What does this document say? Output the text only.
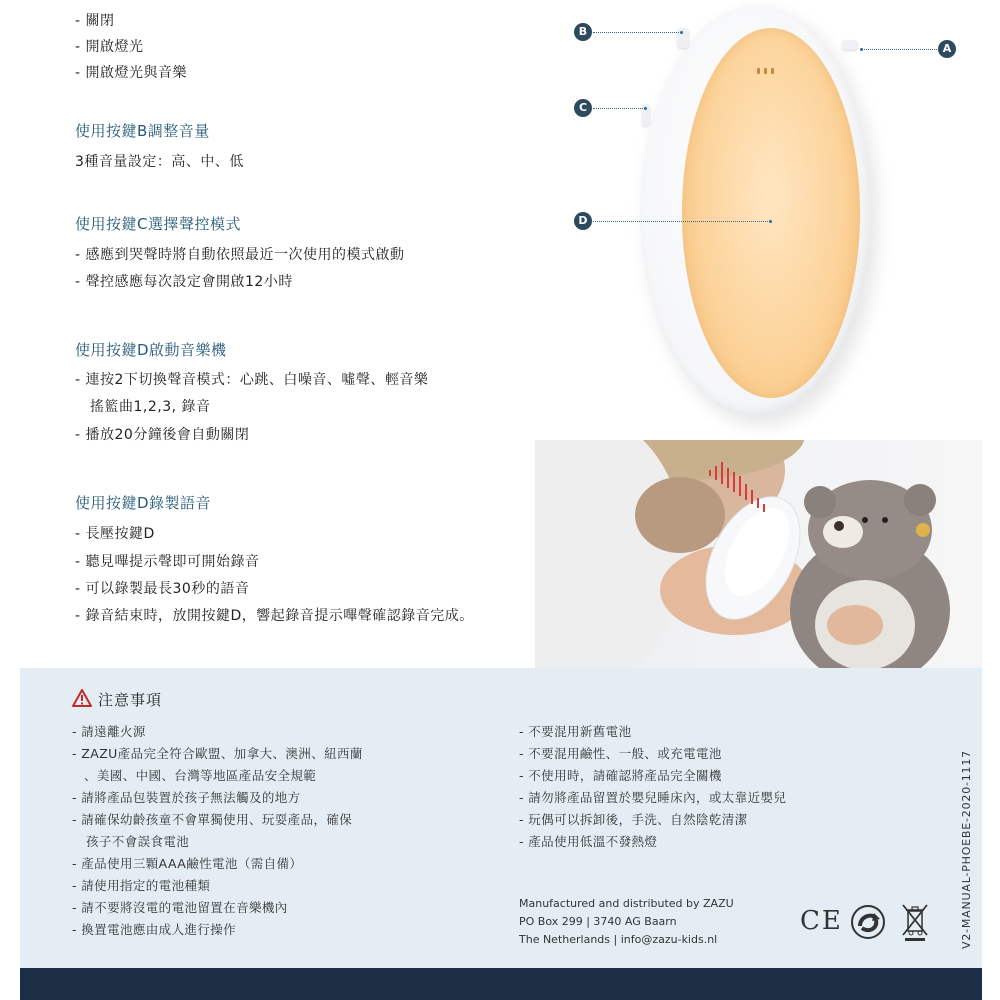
- 關閉
- 開啟燈光
- 開啟燈光與音樂
使用按鍵B調整音量
3種音量設定：高、中、低
使用按鍵C選擇聲控模式
- 感應到哭聲時將自動依照最近一次使用的模式啟動
- 聲控感應每次設定會開啟12小時
使用按鍵D啟動音樂機
- 連按2下切換聲音模式：心跳、白噪音、噓聲、輕音樂
搖籃曲1,2,3, 錄音
- 播放20分鐘後會自動關閉
使用按鍵D錄製語音
- 長壓按鍵D
- 聽見嗶提示聲即可開始錄音
- 可以錄製最長30秒的語音
- 錄音結束時，放開按鍵D，響起錄音提示嗶聲確認錄音完成。
B
A
C
D
注意事項
- 請遠離火源
- ZAZU產品完全符合歐盟、加拿大、澳洲、紐西蘭
、美國、中國、台灣等地區產品安全規範
- 請將產品包裝置於孩子無法觸及的地方
- 請確保幼齡孩童不會單獨使用、玩耍產品，確保
孩子不會誤食電池
- 產品使用三顆AAA鹼性電池（需自備）
- 請使用指定的電池種類
- 請不要將沒電的電池留置在音樂機內
- 換置電池應由成人進行操作
- 不要混用新舊電池
- 不要混用鹼性、一般、或充電電池
- 不使用時，請確認將產品完全關機
- 請勿將產品留置於嬰兒睡床內，或太靠近嬰兒
- 玩偶可以拆卸後，手洗、自然陰乾清潔
- 產品使用低溫不發熱燈
Manufactured and distributed by ZAZU
PO Box 299 | 3740 AG Baarn
The Netherlands | info@zazu-kids.nl
CE	V2-MANUAL-PHOEBE-2020-1117
